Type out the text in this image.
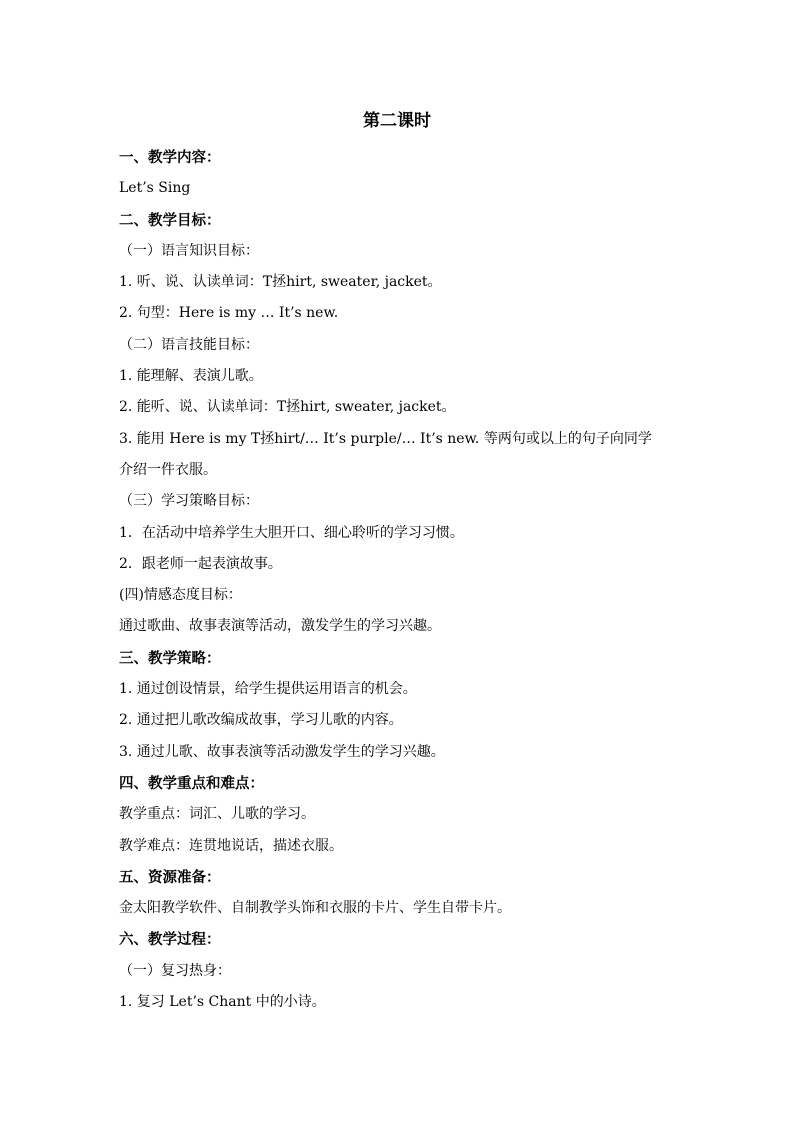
第二课时
一、教学内容：
Let’s Sing
二、教学目标：
（一）语言知识目标：
1. 听、说、认读单词：T拯hirt, sweater, jacket。
2. 句型：Here is my … It’s new.
（二）语言技能目标：
1. 能理解、表演儿歌。
2. 能听、说、认读单词：T拯hirt, sweater, jacket。
3. 能用 Here is my T拯hirt/… It’s purple/… It’s new. 等两句或以上的句子向同学
介绍一件衣服。
（三）学习策略目标：
1．在活动中培养学生大胆开口、细心聆听的学习习惯。
2．跟老师一起表演故事。
(四)情感态度目标：
通过歌曲、故事表演等活动，激发学生的学习兴趣。
三、教学策略：
1. 通过创设情景，给学生提供运用语言的机会。
2. 通过把儿歌改编成故事，学习儿歌的内容。
3. 通过儿歌、故事表演等活动激发学生的学习兴趣。
四、教学重点和难点：
教学重点：词汇、儿歌的学习。
教学难点：连贯地说话，描述衣服。
五、资源准备：
金太阳教学软件、自制教学头饰和衣服的卡片、学生自带卡片。
六、教学过程：
（一）复习热身：
1. 复习 Let’s Chant 中的小诗。
